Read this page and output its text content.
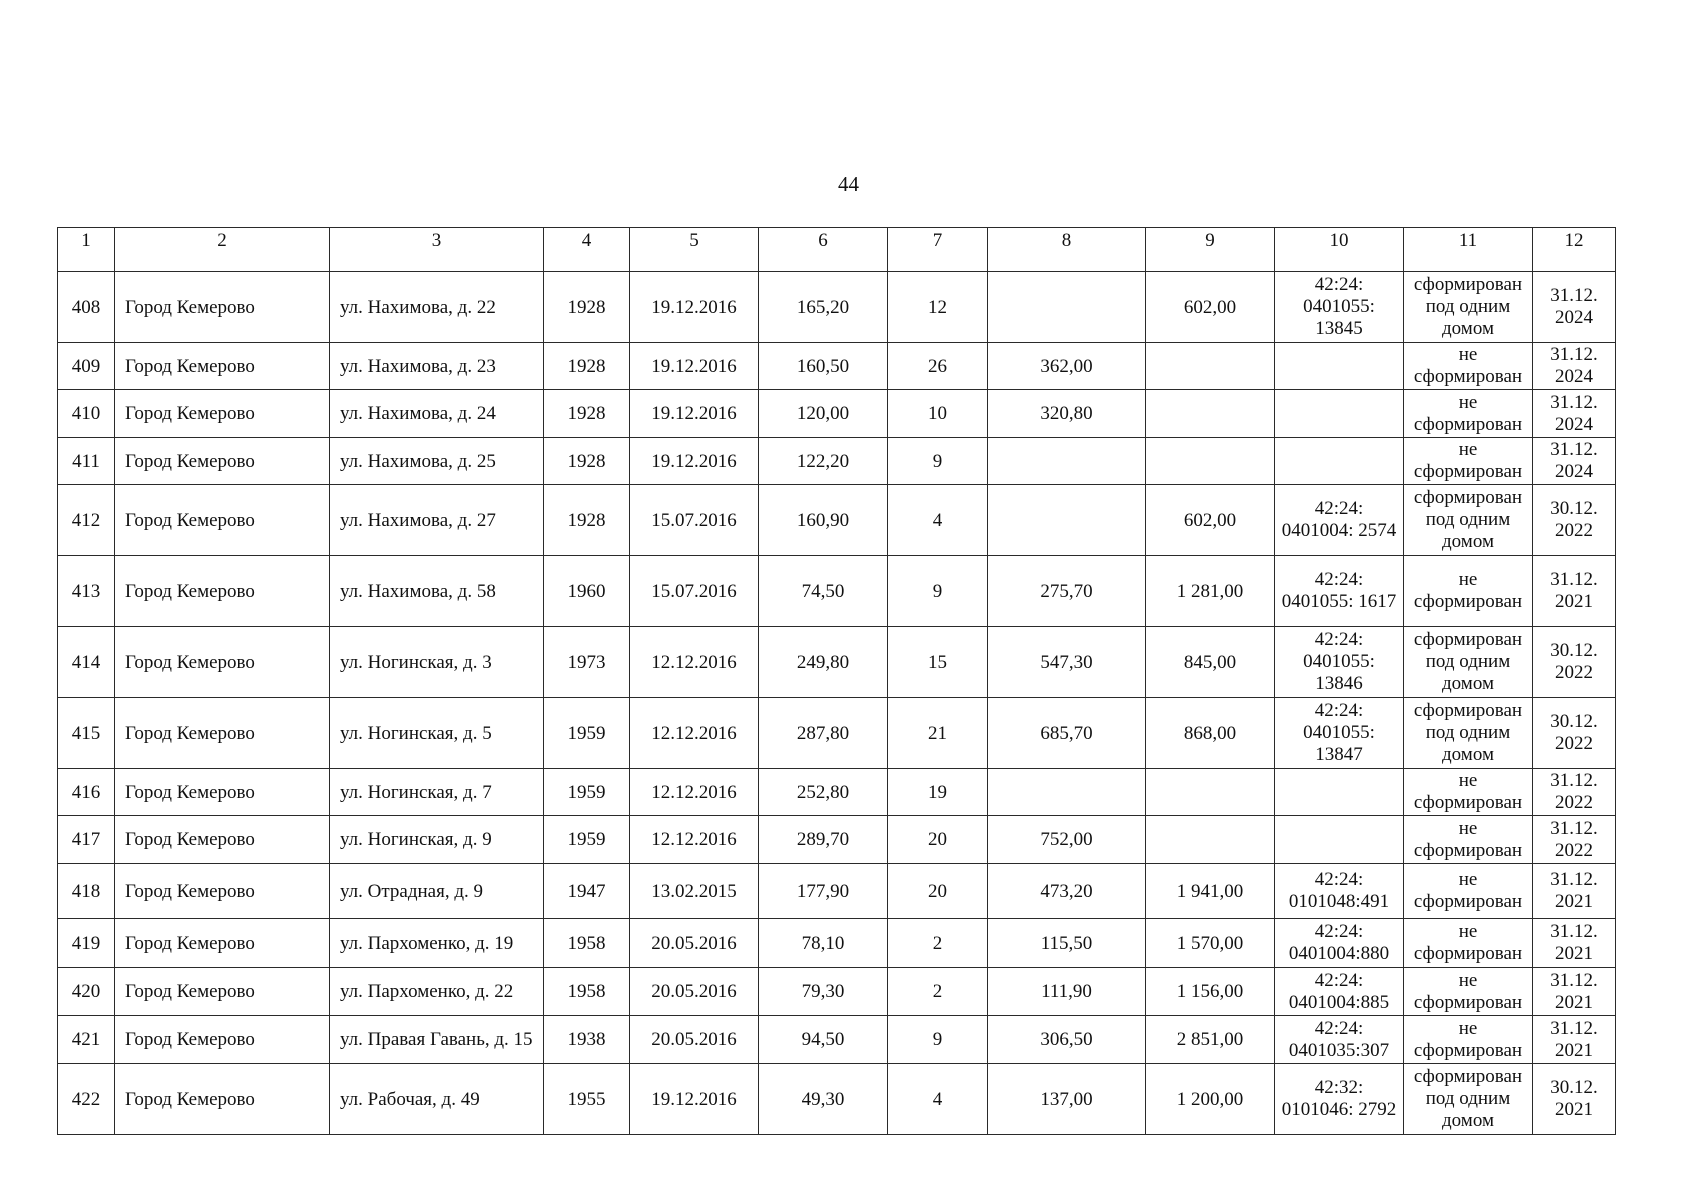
44
1	2	3	4	5	6	7	8	9	10	11	12
408	Город Кемерово	ул. Нахимова, д. 22	1928	19.12.2016	165,20	12		602,00	42:24: 0401055: 13845	сформирован под одним домом	31.12. 2024
409	Город Кемерово	ул. Нахимова, д. 23	1928	19.12.2016	160,50	26	362,00			не сформирован	31.12. 2024
410	Город Кемерово	ул. Нахимова, д. 24	1928	19.12.2016	120,00	10	320,80			не сформирован	31.12. 2024
411	Город Кемерово	ул. Нахимова, д. 25	1928	19.12.2016	122,20	9				не сформирован	31.12. 2024
412	Город Кемерово	ул. Нахимова, д. 27	1928	15.07.2016	160,90	4		602,00	42:24: 0401004: 2574	сформирован под одним домом	30.12. 2022
413	Город Кемерово	ул. Нахимова, д. 58	1960	15.07.2016	74,50	9	275,70	1 281,00	42:24: 0401055: 1617	не сформирован	31.12. 2021
414	Город Кемерово	ул. Ногинская, д. 3	1973	12.12.2016	249,80	15	547,30	845,00	42:24: 0401055: 13846	сформирован под одним домом	30.12. 2022
415	Город Кемерово	ул. Ногинская, д. 5	1959	12.12.2016	287,80	21	685,70	868,00	42:24: 0401055: 13847	сформирован под одним домом	30.12. 2022
416	Город Кемерово	ул. Ногинская, д. 7	1959	12.12.2016	252,80	19				не сформирован	31.12. 2022
417	Город Кемерово	ул. Ногинская, д. 9	1959	12.12.2016	289,70	20	752,00			не сформирован	31.12. 2022
418	Город Кемерово	ул. Отрадная, д. 9	1947	13.02.2015	177,90	20	473,20	1 941,00	42:24: 0101048:491	не сформирован	31.12. 2021
419	Город Кемерово	ул. Пархоменко, д. 19	1958	20.05.2016	78,10	2	115,50	1 570,00	42:24: 0401004:880	не сформирован	31.12. 2021
420	Город Кемерово	ул. Пархоменко, д. 22	1958	20.05.2016	79,30	2	111,90	1 156,00	42:24: 0401004:885	не сформирован	31.12. 2021
421	Город Кемерово	ул. Правая Гавань, д. 15	1938	20.05.2016	94,50	9	306,50	2 851,00	42:24: 0401035:307	не сформирован	31.12. 2021
422	Город Кемерово	ул. Рабочая, д. 49	1955	19.12.2016	49,30	4	137,00	1 200,00	42:32: 0101046: 2792	сформирован под одним домом	30.12. 2021
